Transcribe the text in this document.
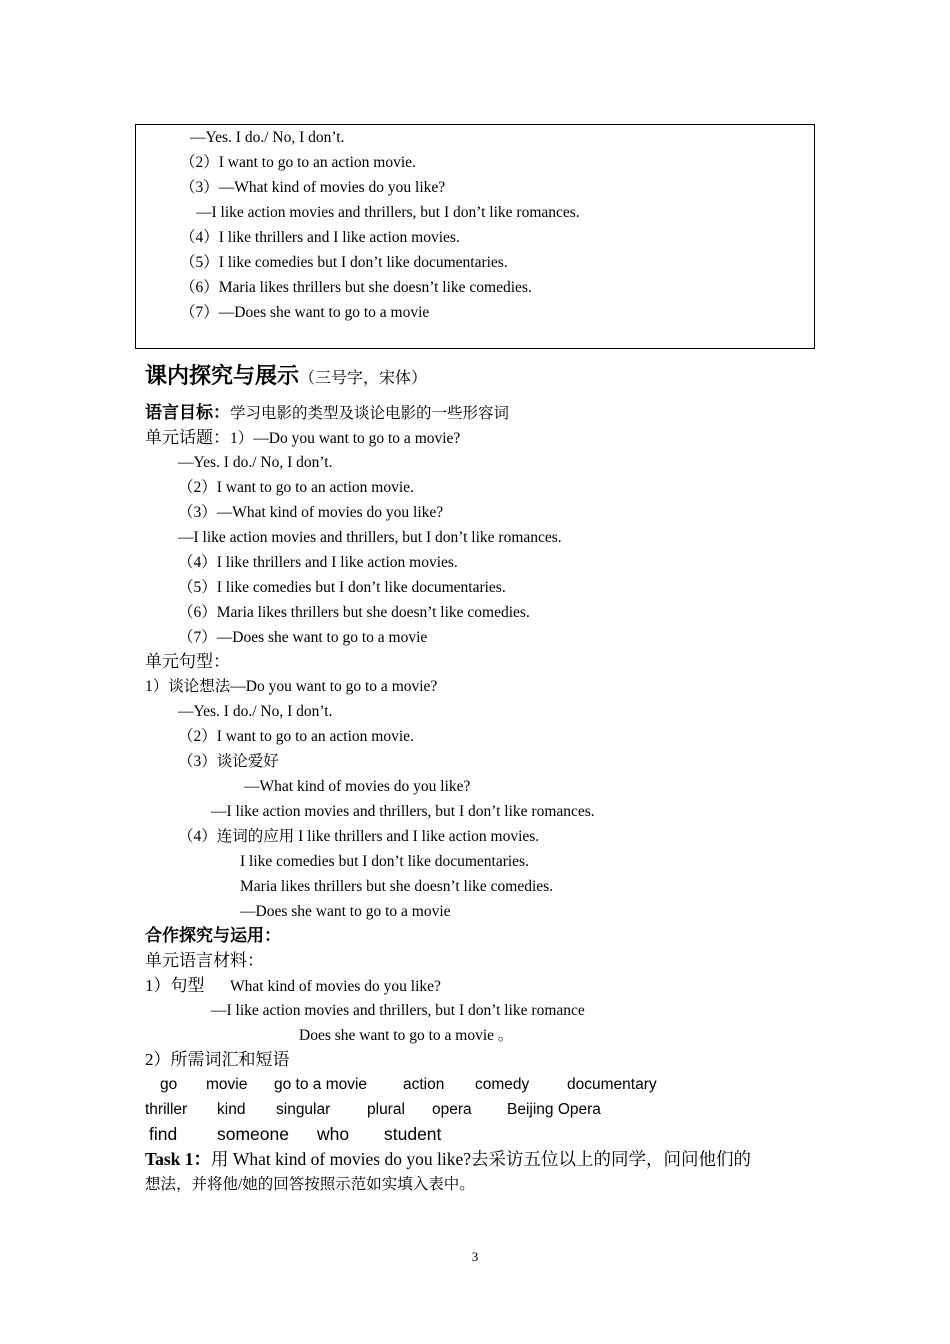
—Yes. I do./ No, I don’t.
（2）I want to go to an action movie.
（3）—What kind of movies do you like?
—I like action movies and thrillers, but I don’t like romances.
（4）I like thrillers and I like action movies.
（5）I like comedies but I don’t like documentaries.
（6）Maria likes thrillers but she doesn’t like comedies.
（7）—Does she want to go to a movie
课内探究与展示（三号字，宋体）
语言目标：学习电影的类型及谈论电影的一些形容词
单元话题：1）—Do you want to go to a movie?
—Yes. I do./ No, I don’t.
（2）I want to go to an action movie.
（3）—What kind of movies do you like?
—I like action movies and thrillers, but I don’t like romances.
（4）I like thrillers and I like action movies.
（5）I like comedies but I don’t like documentaries.
（6）Maria likes thrillers but she doesn’t like comedies.
（7）—Does she want to go to a movie
单元句型：
1）谈论想法—Do you want to go to a movie?
—Yes. I do./ No, I don’t.
（2）I want to go to an action movie.
（3）谈论爱好
—What kind of movies do you like?
—I like action movies and thrillers, but I don’t like romances.
（4）连词的应用 I like thrillers and I like action movies.
I like comedies but I don’t like documentaries.
Maria likes thrillers but she doesn’t like comedies.
—Does she want to go to a movie
合作探究与运用：
单元语言材料：
1）句型 What kind of movies do you like?
—I like action movies and thrillers, but I don’t like romance
Does she want to go to a movie 。
2）所需词汇和短语
go movie go to a movie action comedy documentary
thriller kind singular plural opera Beijing Opera
find someone who student
Task 1：用 What kind of movies do you like?去采访五位以上的同学，问问他们的
想法，并将他/她的回答按照示范如实填入表中。
3
